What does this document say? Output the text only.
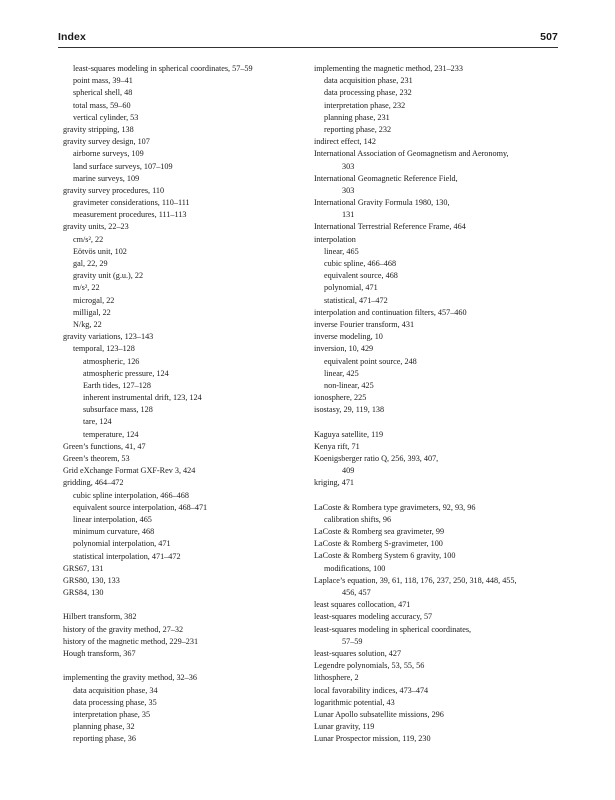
Index	507
least-squares modeling in spherical coordinates, 57–59
point mass, 39–41
spherical shell, 48
total mass, 59–60
vertical cylinder, 53
gravity stripping, 138
gravity survey design, 107
airborne surveys, 109
land surface surveys, 107–109
marine surveys, 109
gravity survey procedures, 110
gravimeter considerations, 110–111
measurement procedures, 111–113
gravity units, 22–23
cm/s², 22
Eötvös unit, 102
gal, 22, 29
gravity unit (g.u.), 22
m/s², 22
microgal, 22
milligal, 22
N/kg, 22
gravity variations, 123–143
temporal, 123–128
atmospheric, 126
atmospheric pressure, 124
Earth tides, 127–128
inherent instrumental drift, 123, 124
subsurface mass, 128
tare, 124
temperature, 124
Green’s functions, 41, 47
Green’s theorem, 53
Grid eXchange Format GXF-Rev 3, 424
gridding, 464–472
cubic spline interpolation, 466–468
equivalent source interpolation, 468–471
linear interpolation, 465
minimum curvature, 468
polynomial interpolation, 471
statistical interpolation, 471–472
GRS67, 131
GRS80, 130, 133
GRS84, 130
Hilbert transform, 382
history of the gravity method, 27–32
history of the magnetic method, 229–231
Hough transform, 367
implementing the gravity method, 32–36
data acquisition phase, 34
data processing phase, 35
interpretation phase, 35
planning phase, 32
reporting phase, 36
implementing the magnetic method, 231–233
data acquisition phase, 231
data processing phase, 232
interpretation phase, 232
planning phase, 231
reporting phase, 232
indirect effect, 142
International Association of Geomagnetism and Aeronomy,
303
International Geomagnetic Reference Field,
303
International Gravity Formula 1980, 130,
131
International Terrestrial Reference Frame, 464
interpolation
linear, 465
cubic spline, 466–468
equivalent source, 468
polynomial, 471
statistical, 471–472
interpolation and continuation filters, 457–460
inverse Fourier transform, 431
inverse modeling, 10
inversion, 10, 429
equivalent point source, 248
linear, 425
non-linear, 425
ionosphere, 225
isostasy, 29, 119, 138
Kaguya satellite, 119
Kenya rift, 71
Koenigsberger ratio Q, 256, 393, 407,
409
kriging, 471
LaCoste & Rombera type gravimeters, 92, 93, 96
calibration shifts, 96
LaCoste & Romberg sea gravimeter, 99
LaCoste & Romberg S-gravimeter, 100
LaCoste & Romberg System 6 gravity, 100
modifications, 100
Laplace’s equation, 39, 61, 118, 176, 237, 250, 318, 448, 455,
456, 457
least squares collocation, 471
least-squares modeling accuracy, 57
least-squares modeling in spherical coordinates,
57–59
least-squares solution, 427
Legendre polynomials, 53, 55, 56
lithosphere, 2
local favorability indices, 473–474
logarithmic potential, 43
Lunar Apollo subsatellite missions, 296
Lunar gravity, 119
Lunar Prospector mission, 119, 230
